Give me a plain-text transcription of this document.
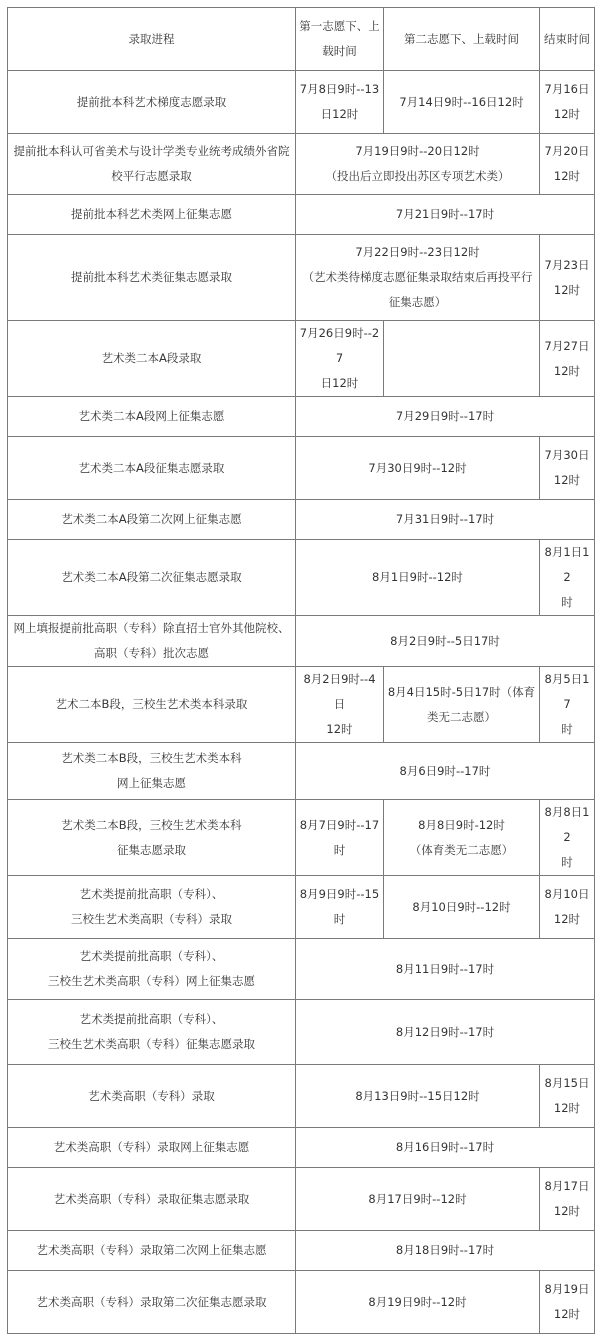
录取进程	第一志愿下、上
载时间	第二志愿下、上载时间	结束时间

提前批本科艺术梯度志愿录取	7月8日9时--13
日12时	7月14日9时--16日12时	7月16日
12时

提前批本科认可省美术与设计学类专业统考成绩外省院
校平行志愿录取	7月19日9时--20日12时
（投出后立即投出苏区专项艺术类）		7月20日
12时

提前批本科艺术类网上征集志愿	7月21日9时--17时		

提前批本科艺术类征集志愿录取	7月22日9时--23日12时
（艺术类待梯度志愿征集录取结束后再投平行
征集志愿）		7月23日
12时

艺术类二本A段录取	7月26日9时--27
日12时		7月27日
12时

艺术类二本A段网上征集志愿	7月29日9时--17时		

艺术类二本A段征集志愿录取	7月30日9时--12时		7月30日
12时

艺术类二本A段第二次网上征集志愿	7月31日9时--17时		

艺术类二本A段第二次征集志愿录取	8月1日9时--12时		8月1日12
时

网上填报提前批高职（专科）除直招士官外其他院校、
高职（专科）批次志愿	8月2日9时--5日17时		

艺术二本B段，三校生艺术类本科录取	8月2日9时--4日
12时	8月4日15时-5日17时（体育
类无二志愿）	8月5日17
时

艺术类二本B段，三校生艺术类本科
网上征集志愿	8月6日9时--17时		

艺术类二本B段，三校生艺术类本科
征集志愿录取	8月7日9时--17
时	8月8日9时-12时
（体育类无二志愿）	8月8日12
时

艺术类提前批高职（专科）、
三校生艺术类高职（专科）录取	8月9日9时--15
时	8月10日9时--12时	8月10日
12时

艺术类提前批高职（专科）、
三校生艺术类高职（专科）网上征集志愿	8月11日9时--17时		

艺术类提前批高职（专科）、
三校生艺术类高职（专科）征集志愿录取	8月12日9时--17时		

艺术类高职（专科）录取	8月13日9时--15日12时		8月15日
12时

艺术类高职（专科）录取网上征集志愿	8月16日9时--17时		

艺术类高职（专科）录取征集志愿录取	8月17日9时--12时		8月17日
12时

艺术类高职（专科）录取第二次网上征集志愿	8月18日9时--17时		

艺术类高职（专科）录取第二次征集志愿录取	8月19日9时--12时		8月19日
12时
